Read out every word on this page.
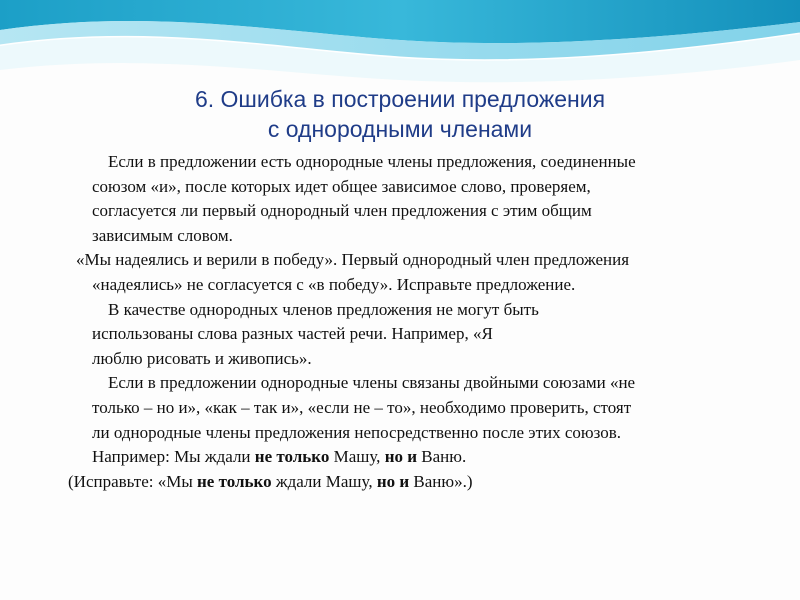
6. Ошибка в построении предложения
с однородными членами

Если в предложении есть однородные члены предложения, соединенные
союзом «и», после которых идет общее зависимое слово, проверяем,
согласуется ли первый однородный член предложения с этим общим
зависимым словом.

«Мы надеялись и верили в победу». Первый однородный член предложения
«надеялись» не согласуется с «в победу». Исправьте предложение.

В качестве однородных членов предложения не могут быть
использованы слова разных частей речи. Например, «Я
люблю рисовать и живопись».

Если в предложении однородные члены связаны двойными союзами «не
только – но и», «как – так и», «если не – то», необходимо проверить, стоят
ли однородные члены предложения непосредственно после этих союзов.
Например: Мы ждали не только Машу, но и Ваню.

(Исправьте: «Мы не только ждали Машу, но и Ваню».)
